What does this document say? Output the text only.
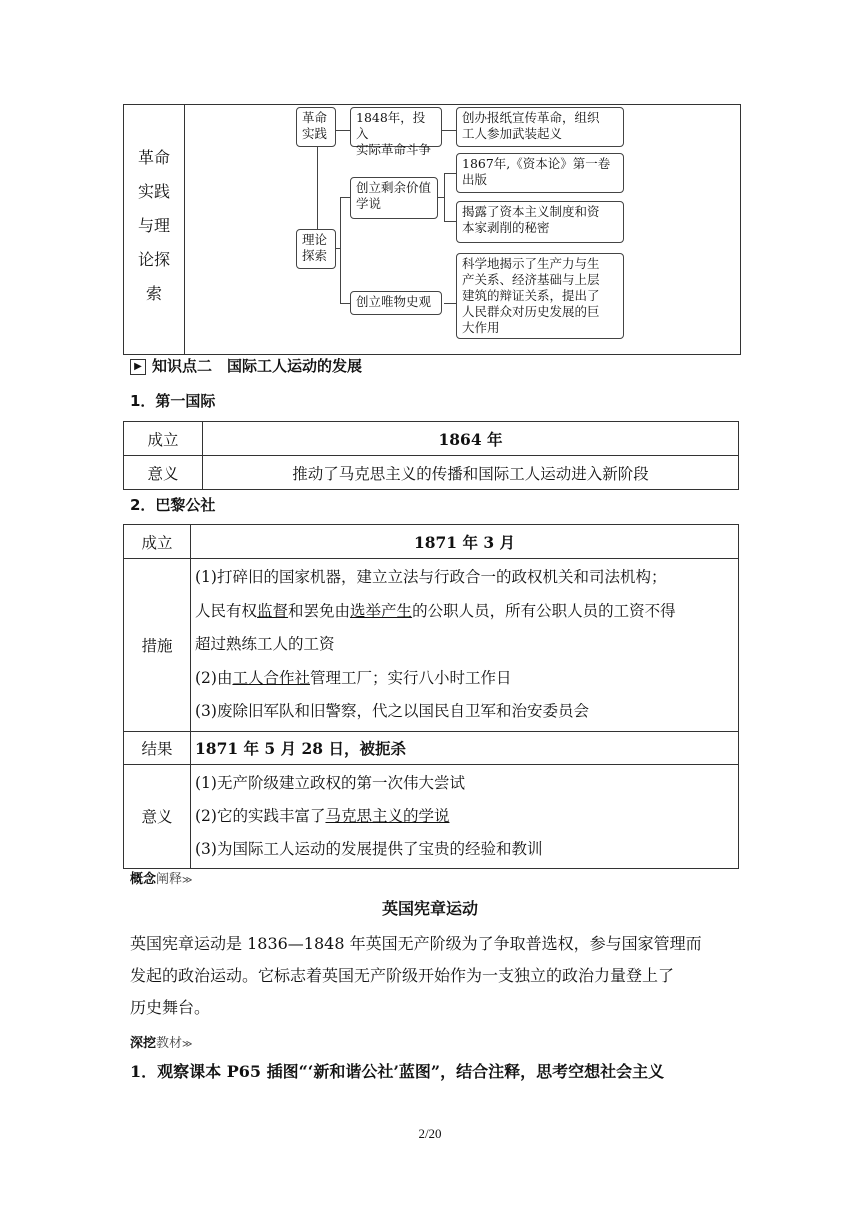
革命
实践
与理
论探
索
革命
实践
1848年，投入
实际革命斗争
创办报纸宣传革命，组织
工人参加武装起义
理论
探索
创立剩余价值
学说
1867年,《资本论》第一卷
出版
揭露了资本主义制度和资
本家剥削的秘密
创立唯物史观
科学地揭示了生产力与生
产关系、经济基础与上层
建筑的辩证关系，提出了
人民群众对历史发展的巨
大作用
▶ 知识点二　国际工人运动的发展
1．第一国际
成立	1864 年
意义	推动了马克思主义的传播和国际工人运动进入新阶段
2．巴黎公社
成立	1871 年 3 月
措施	(1)打碎旧的国家机器，建立立法与行政合一的政权机关和司法机构；
人民有权监督和罢免由选举产生的公职人员，所有公职人员的工资不得
超过熟练工人的工资
(2)由工人合作社管理工厂；实行八小时工作日
(3)废除旧军队和旧警察，代之以国民自卫军和治安委员会

结果	1871 年 5 月 28 日，被扼杀
意义	(1)无产阶级建立政权的第一次伟大尝试
(2)它的实践丰富了马克思主义的学说
(3)为国际工人运动的发展提供了宝贵的经验和教训
概念阐释≫
英国宪章运动
英国宪章运动是 1836—1848 年英国无产阶级为了争取普选权，参与国家管理而
发起的政治运动。它标志着英国无产阶级开始作为一支独立的政治力量登上了
历史舞台。
深挖教材≫
1．观察课本 P65 插图“‘新和谐公社’蓝图”，结合注释，思考空想社会主义
2/20
